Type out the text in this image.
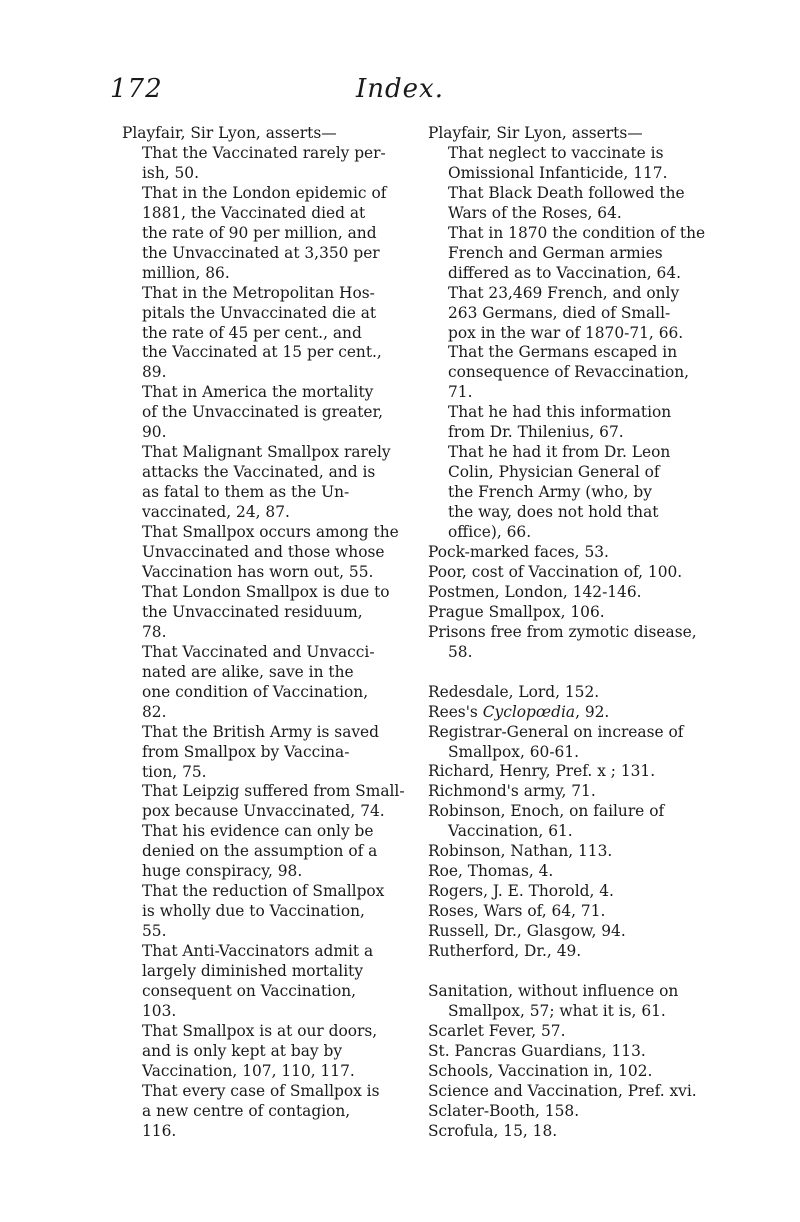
172	Index.
Playfair, Sir Lyon, asserts—
That the Vaccinated rarely per-
ish, 50.
That in the London epidemic of
1881, the Vaccinated died at
the rate of 90 per million, and
the Unvaccinated at 3,350 per
million, 86.
That in the Metropolitan Hos-
pitals the Unvaccinated die at
the rate of 45 per cent., and
the Vaccinated at 15 per cent.,
89.
That in America the mortality
of the Unvaccinated is greater,
90.
That Malignant Smallpox rarely
attacks the Vaccinated, and is
as fatal to them as the Un-
vaccinated, 24, 87.
That Smallpox occurs among the
Unvaccinated and those whose
Vaccination has worn out, 55.
That London Smallpox is due to
the Unvaccinated residuum,
78.
That Vaccinated and Unvacci-
nated are alike, save in the
one condition of Vaccination,
82.
That the British Army is saved
from Smallpox by Vaccina-
tion, 75.
That Leipzig suffered from Small-
pox because Unvaccinated, 74.
That his evidence can only be
denied on the assumption of a
huge conspiracy, 98.
That the reduction of Smallpox
is wholly due to Vaccination,
55.
That Anti-Vaccinators admit a
largely diminished mortality
consequent on Vaccination,
103.
That Smallpox is at our doors,
and is only kept at bay by
Vaccination, 107, 110, 117.
That every case of Smallpox is
a new centre of contagion,
116.
Playfair, Sir Lyon, asserts—
That neglect to vaccinate is
Omissional Infanticide, 117.
That Black Death followed the
Wars of the Roses, 64.
That in 1870 the condition of the
French and German armies
differed as to Vaccination, 64.
That 23,469 French, and only
263 Germans, died of Small-
pox in the war of 1870-71, 66.
That the Germans escaped in
consequence of Revaccination,
71.
That he had this information
from Dr. Thilenius, 67.
That he had it from Dr. Leon
Colin, Physician General of
the French Army (who, by
the way, does not hold that
office), 66.
Pock-marked faces, 53.
Poor, cost of Vaccination of, 100.
Postmen, London, 142-146.
Prague Smallpox, 106.
Prisons free from zymotic disease,
58.
Redesdale, Lord, 152.
Rees's Cyclopœdia, 92.
Registrar-General on increase of
Smallpox, 60-61.
Richard, Henry, Pref. x ; 131.
Richmond's army, 71.
Robinson, Enoch, on failure of
Vaccination, 61.
Robinson, Nathan, 113.
Roe, Thomas, 4.
Rogers, J. E. Thorold, 4.
Roses, Wars of, 64, 71.
Russell, Dr., Glasgow, 94.
Rutherford, Dr., 49.
Sanitation, without influence on
Smallpox, 57; what it is, 61.
Scarlet Fever, 57.
St. Pancras Guardians, 113.
Schools, Vaccination in, 102.
Science and Vaccination, Pref. xvi.
Sclater-Booth, 158.
Scrofula, 15, 18.
